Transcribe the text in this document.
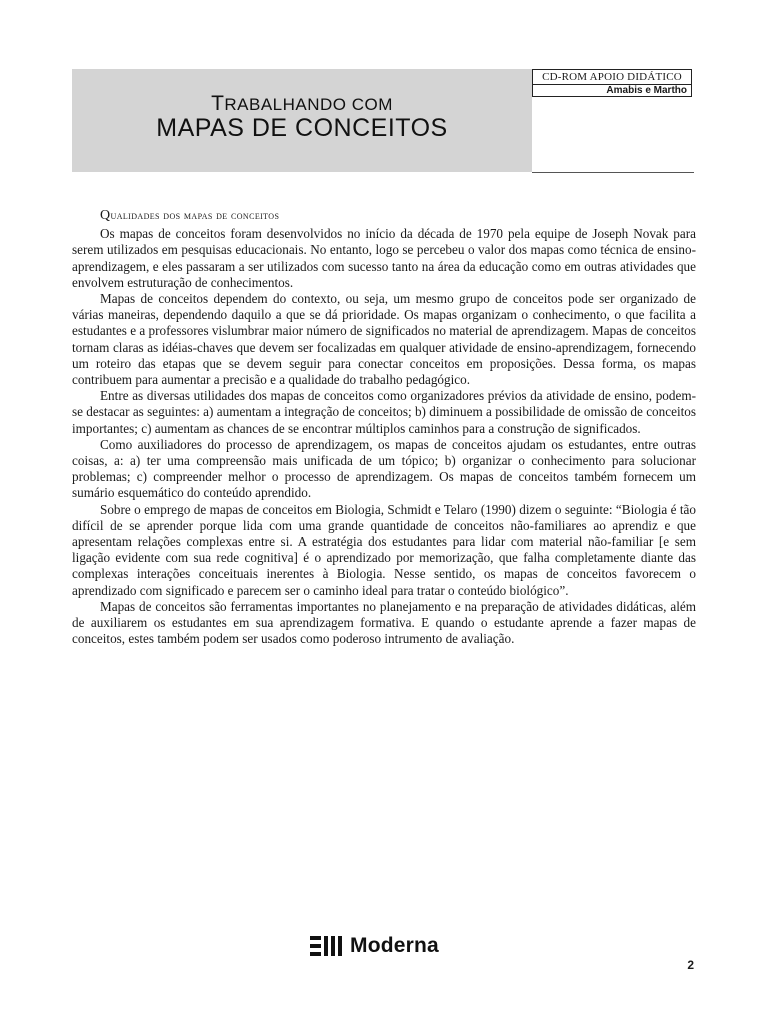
TRABALHANDO COM
MAPAS DE CONCEITOS
CD-ROM APOIO DIDÁTICO
Amabis e Martho
Qualidades dos mapas de conceitos

Os mapas de conceitos foram desenvolvidos no início da década de 1970 pela equipe de Joseph Novak para serem utilizados em pesquisas educacionais. No entanto, logo se percebeu o valor dos mapas como técnica de ensino-aprendizagem, e eles passaram a ser utilizados com sucesso tanto na área da educação como em outras atividades que envolvem estruturação de conhecimentos.

Mapas de conceitos dependem do contexto, ou seja, um mesmo grupo de conceitos pode ser organizado de várias maneiras, dependendo daquilo a que se dá prioridade. Os mapas organizam o conhecimento, o que facilita a estudantes e a professores vislumbrar maior número de significados no material de aprendizagem. Mapas de conceitos tornam claras as idéias-chaves que devem ser focalizadas em qualquer atividade de ensino-aprendizagem, fornecendo um roteiro das etapas que se devem seguir para conectar conceitos em proposições. Dessa forma, os mapas contribuem para aumentar a precisão e a qualidade do trabalho pedagógico.

Entre as diversas utilidades dos mapas de conceitos como organizadores prévios da atividade de ensino, podem-se destacar as seguintes: a) aumentam a integração de conceitos; b) diminuem a possibilidade de omissão de conceitos importantes; c) aumentam as chances de se encontrar múltiplos caminhos para a construção de significados.

Como auxiliadores do processo de aprendizagem, os mapas de conceitos ajudam os estudantes, entre outras coisas, a: a) ter uma compreensão mais unificada de um tópico; b) organizar o conhecimento para solucionar problemas; c) compreender melhor o processo de aprendizagem. Os mapas de conceitos também fornecem um sumário esquemático do conteúdo aprendido.

Sobre o emprego de mapas de conceitos em Biologia, Schmidt e Telaro (1990) dizem o seguinte: “Biologia é tão difícil de se aprender porque lida com uma grande quantidade de conceitos não-familiares ao aprendiz e que apresentam relações complexas entre si. A estratégia dos estudantes para lidar com material não-familiar [e sem ligação evidente com sua rede cognitiva] é o aprendizado por memorização, que falha completamente diante das complexas interações conceituais inerentes à Biologia. Nesse sentido, os mapas de conceitos favorecem o aprendizado com significado e parecem ser o caminho ideal para tratar o conteúdo biológico”.

Mapas de conceitos são ferramentas importantes no planejamento e na preparação de atividades didáticas, além de auxiliarem os estudantes em sua aprendizagem formativa. E quando o estudante aprende a fazer mapas de conceitos, estes também podem ser usados como poderoso intrumento de avaliação.

Moderna
2
